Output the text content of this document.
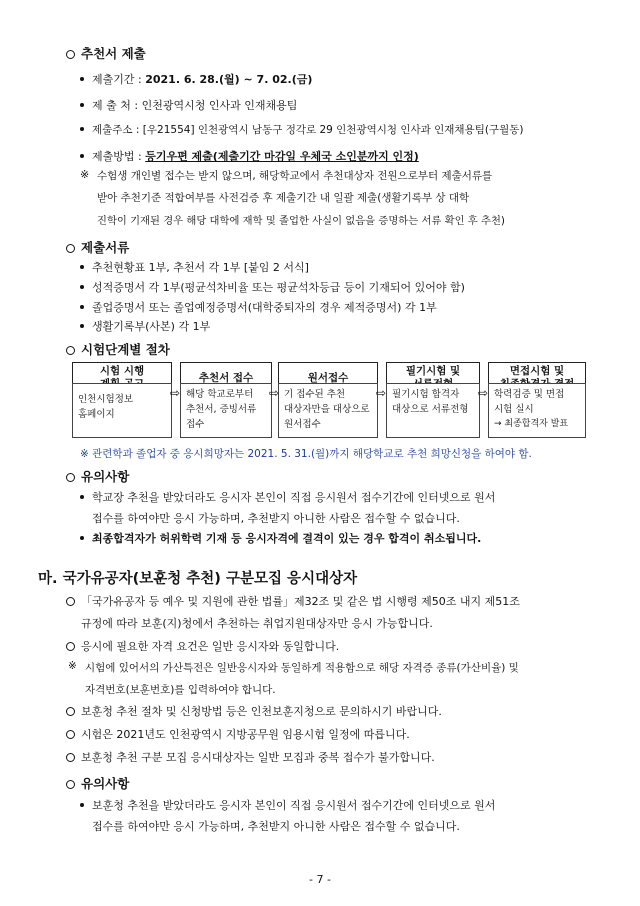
추천서 제출
제출기간 : 2021. 6. 28.(월) ~ 7. 02.(금)
제 출 처 : 인천광역시청 인사과 인재채용팀
제출주소 : [우21554] 인천광역시 남동구 정각로 29 인천광역시청 인사과 인재채용팀(구월동)
제출방법 : 등기우편 제출(제출기간 마감일 우체국 소인분까지 인정)
※ 수험생 개인별 접수는 받지 않으며, 해당학교에서 추천대상자 전원으로부터 제출서류를
받아 추천기준 적합여부를 사전검증 후 제출기간 내 일괄 제출(생활기록부 상 대학
진학이 기재된 경우 해당 대학에 재학 및 졸업한 사실이 없음을 증명하는 서류 확인 후 추천)
제출서류
추천현황표 1부, 추천서 각 1부 [붙임 2 서식]
성적증명서 각 1부(평균석차비율 또는 평균석차등급 등이 기재되어 있어야 함)
졸업증명서 또는 졸업예정증명서(대학중퇴자의 경우 제적증명서) 각 1부
생활기록부(사본) 각 1부
시험단계별 절차
시험 시행
추천서 접수	원서접수
필기시험 및	면접시험 및
인천시험정보
홈페이지
해당 학교로부터
추천서, 증빙서류
접수
기 접수된 추천
대상자만을 대상으로
원서접수
필기시험 합격자
대상으로 서류전형
학력검증 및 면접
시험 실시
→ 최종합격자 발표
⇨	⇨	⇨	⇨
※ 관련학과 졸업자 중 응시희망자는 2021. 5. 31.(월)까지 해당학교로 추천 희망신청을 하여야 함.
유의사항
학교장 추천을 받았더라도 응시자 본인이 직접 응시원서 접수기간에 인터넷으로 원서
접수를 하여야만 응시 가능하며, 추천받지 아니한 사람은 접수할 수 없습니다.
최종합격자가 허위학력 기재 등 응시자격에 결격이 있는 경우 합격이 취소됩니다.
마. 국가유공자(보훈청 추천) 구분모집 응시대상자
「국가유공자 등 예우 및 지원에 관한 법률」제32조 및 같은 법 시행령 제50조 내지 제51조
규정에 따라 보훈(지)청에서 추천하는 취업지원대상자만 응시 가능합니다.
응시에 필요한 자격 요건은 일반 응시자와 동일합니다.
※ 시험에 있어서의 가산특전은 일반응시자와 동일하게 적용함으로 해당 자격증 종류(가산비율) 및
자격번호(보훈번호)를 입력하여야 합니다.
보훈청 추천 절차 및 신청방법 등은 인천보훈지청으로 문의하시기 바랍니다.
시험은 2021년도 인천광역시 지방공무원 임용시험 일정에 따릅니다.
보훈청 추천 구분 모집 응시대상자는 일반 모집과 중복 접수가 불가합니다.
유의사항
보훈청 추천을 받았더라도 응시자 본인이 직접 응시원서 접수기간에 인터넷으로 원서
접수를 하여야만 응시 가능하며, 추천받지 아니한 사람은 접수할 수 없습니다.
- 7 -
